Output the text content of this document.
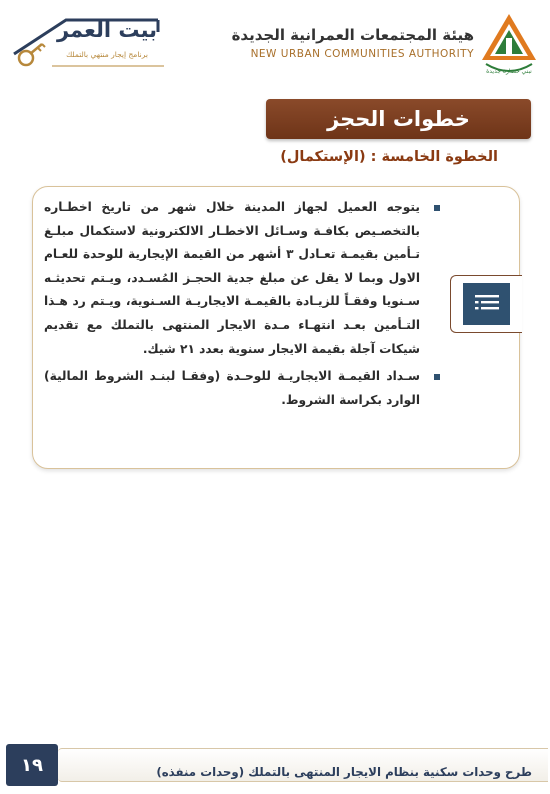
نبني حضارة جديدة
هيئة المجتمعات العمرانية الجديدة
NEW URBAN COMMUNITIES AUTHORITY
بيت العمر
برنامج إيجار منتهي بالتملك
خطوات الحجز
الخطوة الخامسة : (الإستكمال)
يتوجه العميل لجهاز المدينة خلال شهر من تاريخ اخطـاره بالتخصـيص بكافـة وسـائل الاخطـار الالكترونية لاستكمال مبلـغ تـأمين بقيمـة تعـادل ٣ أشهر من القيمة الإيجارية للوحدة للعـام الاول وبما لا يقل عن مبلغ جدية الحجـز المُسـدد، ويـتم تحديثـه سـنويا وفقـاً للزيـادة بالقيمـة الايجاريـة السـنوية، ويـتم رد هـذا التـأمين بعـد انتهـاء مـدة الايجار المنتهى بالتملك مع تقديم شيكات آجلة بقيمة الايجار سنوية بعدد ٢١ شيك.
سـداد القيمـة الايجاريـة للوحـدة (وفقـا لبنـد الشروط المالية) الوارد بكراسة الشروط.
طرح وحدات سكنية بنظام الايجار المنتهى بالتملك (وحدات منفذه)
١٩
